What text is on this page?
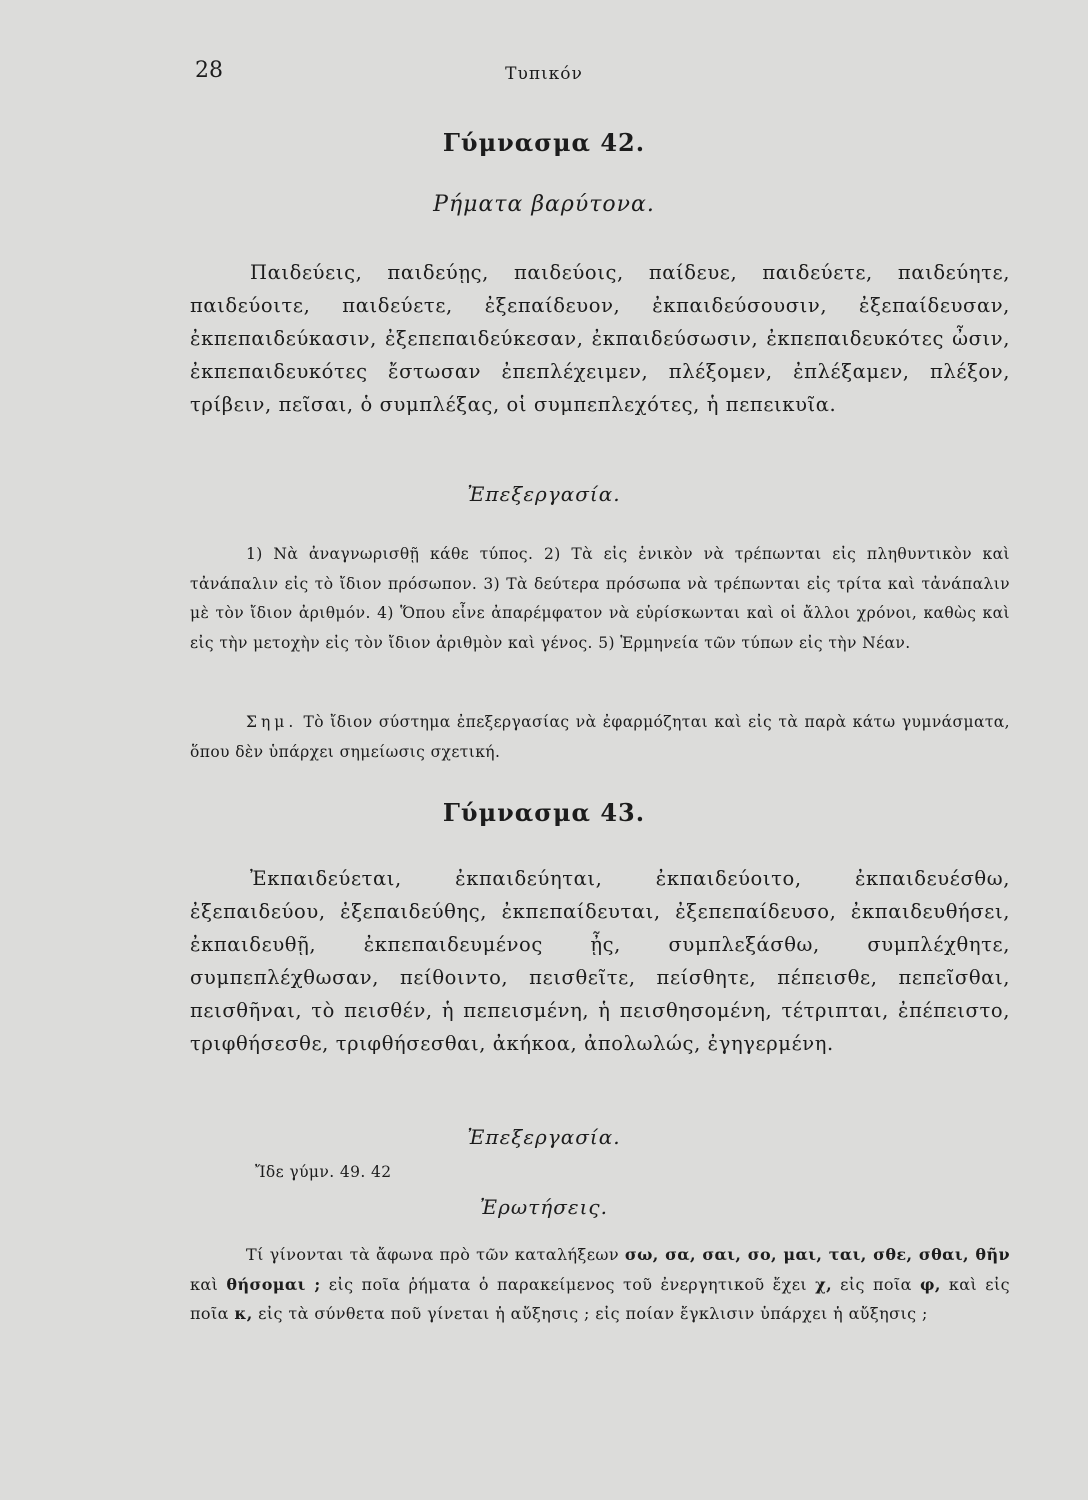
28	Τυπικόν
Γύμνασμα 42.
Ρήματα βαρύτονα.

Παιδεύεις, παιδεύῃς, παιδεύοις, παίδευε, παιδεύετε, παιδεύητε, παιδεύοιτε, παιδεύετε, ἐξεπαίδευον, ἐκπαιδεύσουσιν, ἐξεπαίδευσαν, ἐκπεπαιδεύκασιν, ἐξεπεπαιδεύκεσαν, ἐκπαιδεύσωσιν, ἐκπεπαιδευκότες ὦσιν, ἐκπεπαιδευκότες ἔστωσαν ἐπεπλέχειμεν, πλέξομεν, ἐπλέξαμεν, πλέξον, τρίβειν, πεῖσαι, ὁ συμπλέξας, οἱ συμπεπλεχότες, ἡ πεπεικυῖα.

Ἐπεξεργασία.

1) Νὰ ἀναγνωρισθῇ κάθε τύπος. 2) Τὰ εἰς ἑνικὸν νὰ τρέπωνται εἰς πληθυντικὸν καὶ τἀνάπαλιν εἰς τὸ ἴδιον πρόσωπον. 3) Τὰ δεύτερα πρόσωπα νὰ τρέπωνται εἰς τρίτα καὶ τἀνάπαλιν μὲ τὸν ἴδιον ἀριθμόν. 4) Ὅπου εἶνε ἀπαρέμφατον νὰ εὑρίσκωνται καὶ οἱ ἄλλοι χρόνοι, καθὼς καὶ εἰς τὴν μετοχὴν εἰς τὸν ἴδιον ἀριθμὸν καὶ γένος. 5) Ἑρμηνεία τῶν τύπων εἰς τὴν Νέαν.

Σημ. Τὸ ἴδιον σύστημα ἐπεξεργασίας νὰ ἐφαρμόζηται καὶ εἰς τὰ παρὰ κάτω γυμνάσματα, ὅπου δὲν ὑπάρχει σημείωσις σχετική.

Γύμνασμα 43.

Ἐκπαιδεύεται, ἐκπαιδεύηται, ἐκπαιδεύοιτο, ἐκπαιδευέσθω, ἐξεπαιδεύου, ἐξεπαιδεύθης, ἐκπεπαίδευται, ἐξεπεπαίδευσο, ἐκπαιδευθήσει, ἐκπαιδευθῇ, ἐκπεπαιδευμένος ᾖς, συμπλεξάσθω, συμπλέχθητε, συμπεπλέχθωσαν, πείθοιντο, πεισθεῖτε, πείσθητε, πέπεισθε, πεπεῖσθαι, πεισθῆναι, τὸ πεισθέν, ἡ πεπεισμένη, ἡ πεισθησομένη, τέτριπται, ἐπέπειστο, τριφθήσεσθε, τριφθήσεσθαι, ἀκήκοα, ἀπολωλώς, ἐγηγερμένη.

Ἐπεξεργασία.
Ἴδε γύμν. 49. 42
Ἐρωτήσεις.

Τί γίνονται τὰ ἄφωνα πρὸ τῶν καταλήξεων σω, σα, σαι, σο, μαι, ται, σθε, σθαι, θῆν καὶ θήσομαι ; εἰς ποῖα ῥήματα ὁ παρακείμενος τοῦ ἐνεργητικοῦ ἔχει χ, εἰς ποῖα φ, καὶ εἰς ποῖα κ, εἰς τὰ σύνθετα ποῦ γίνεται ἡ αὔξησις ; εἰς ποίαν ἔγκλισιν ὑπάρχει ἡ αὔξησις ;
